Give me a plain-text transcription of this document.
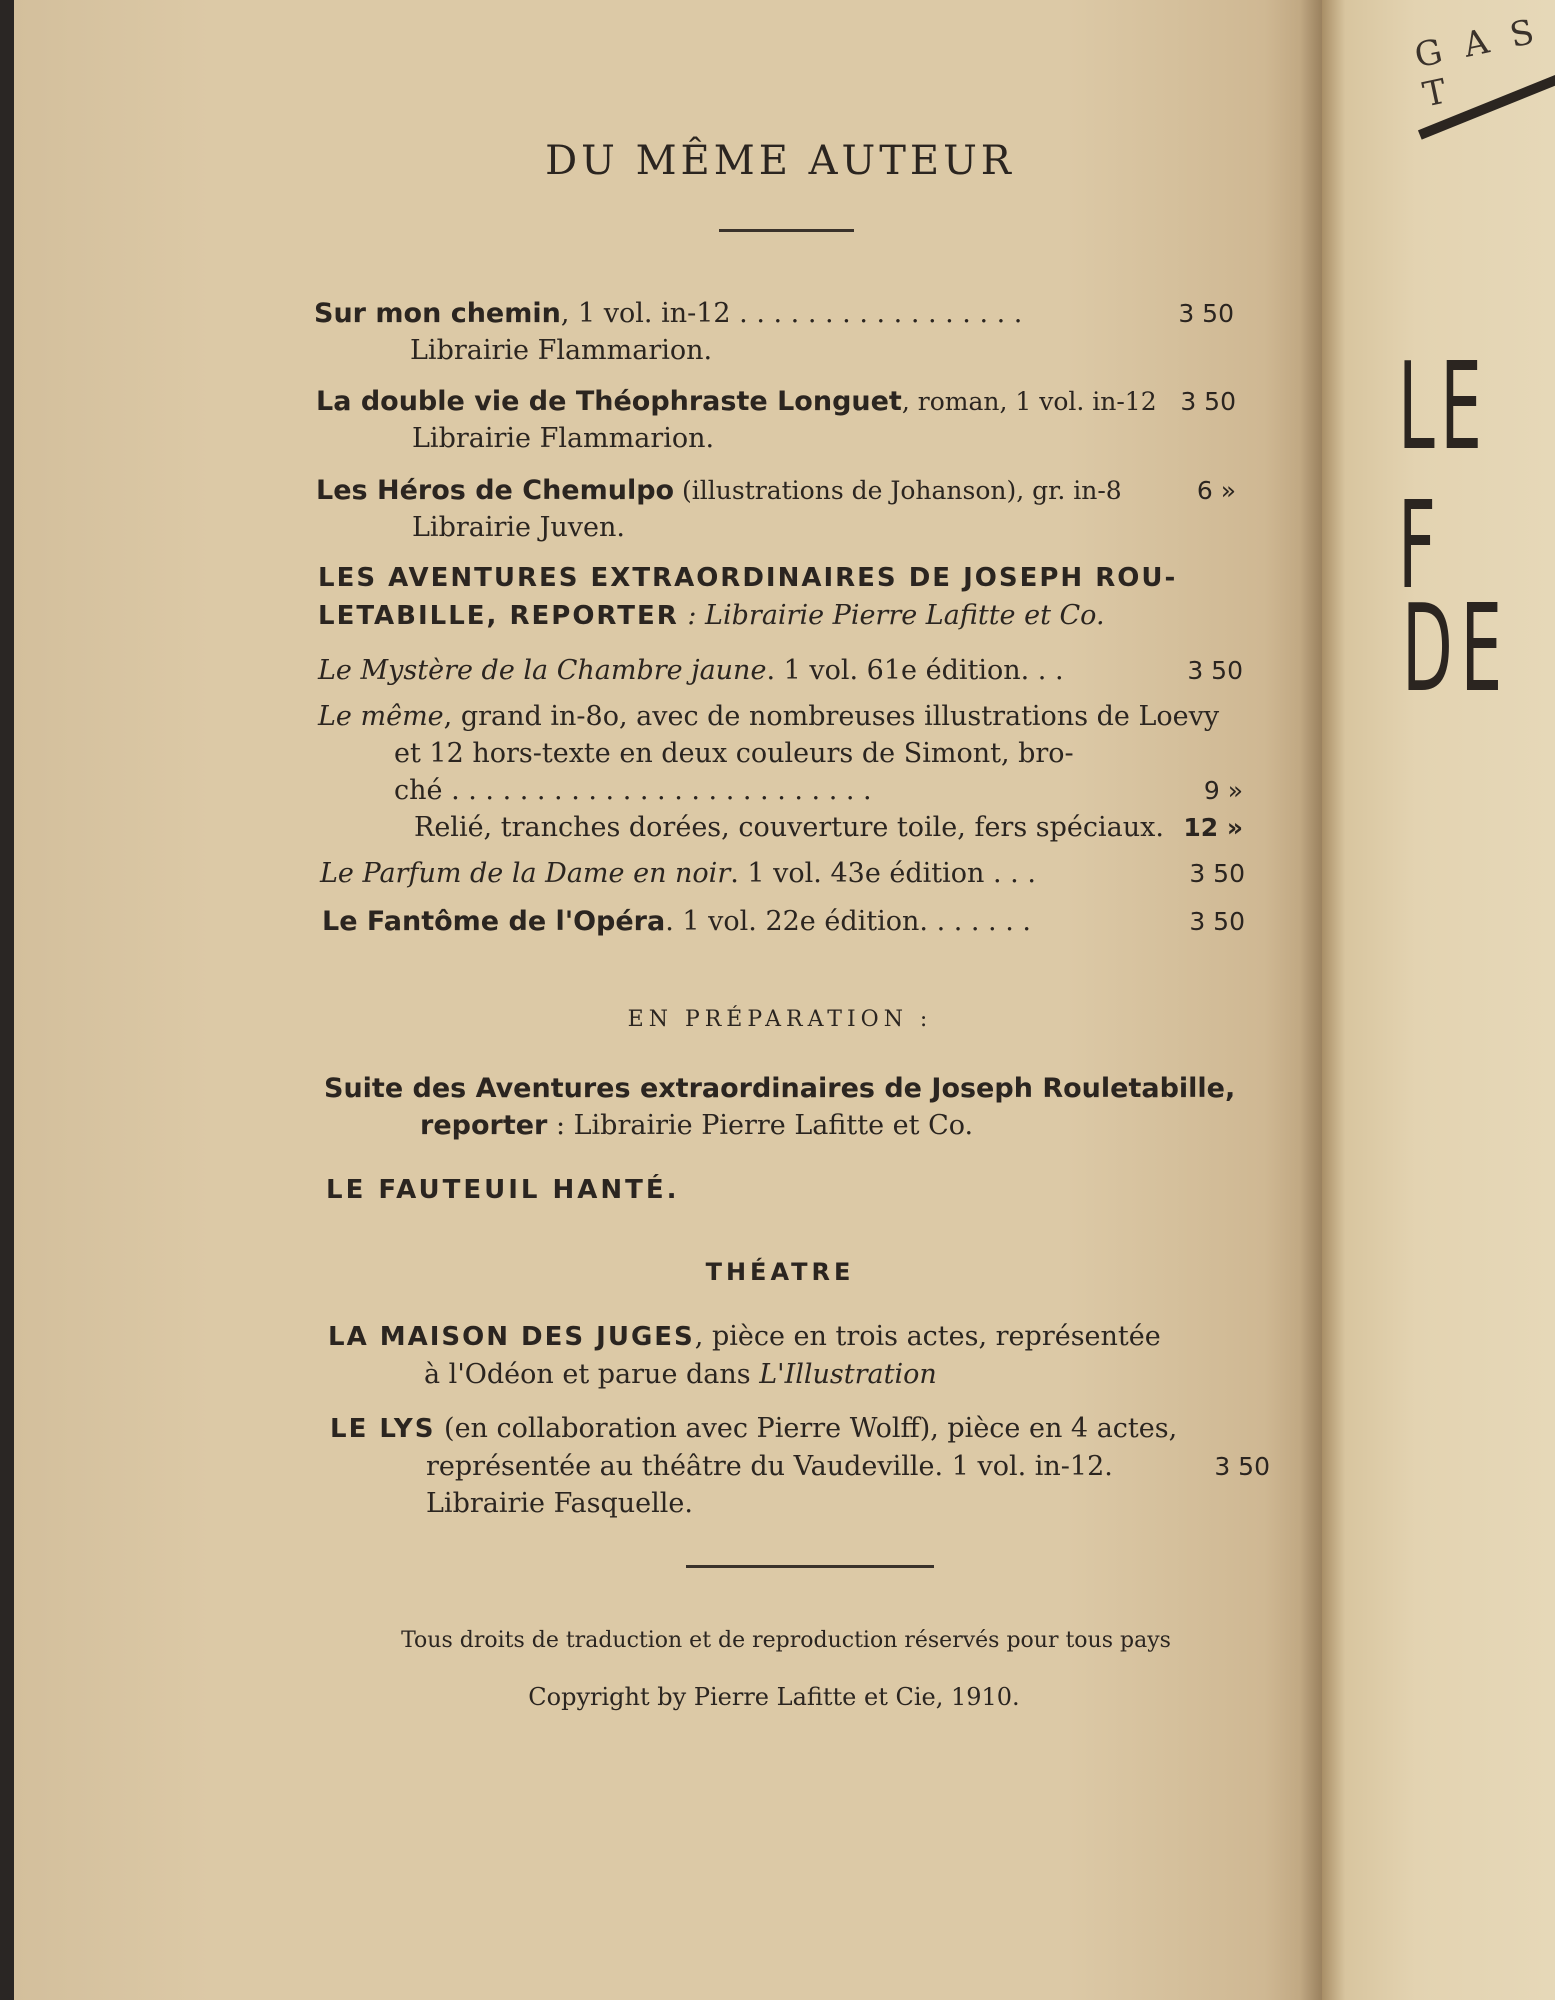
DU MÊME AUTEUR
Sur mon chemin, 1 vol. in-12 . . . . . . . . . . . . . . . . .	3 50
Librairie Flammarion.
La double vie de Théophraste Longuet, roman, 1 vol. in-12 3 50
Librairie Flammarion.
Les Héros de Chemulpo (illustrations de Johanson), gr. in-8	6 »
Librairie Juven.
LES AVENTURES EXTRAORDINAIRES DE JOSEPH ROU-
LETABILLE, REPORTER : Librairie Pierre Lafitte et Co.
Le Mystère de la Chambre jaune. 1 vol. 61e édition. . .	3 50
Le même, grand in-8o, avec de nombreuses illustrations de Loevy
et 12 hors-texte en deux couleurs de Simont, bro-
ché . . . . . . . . . . . . . . . . . . . . . . . . .	9 »
Relié, tranches dorées, couverture toile, fers spéciaux. 12 »
Le Parfum de la Dame en noir. 1 vol. 43e édition . . .	3 50
Le Fantôme de l'Opéra. 1 vol. 22e édition. . . . . . .	3 50
EN PRÉPARATION :
Suite des Aventures extraordinaires de Joseph Rouletabille,
reporter : Librairie Pierre Lafitte et Co.
LE FAUTEUIL HANTÉ.
THÉATRE
LA MAISON DES JUGES, pièce en trois actes, représentée
à l'Odéon et parue dans L'Illustration
LE LYS (en collaboration avec Pierre Wolff), pièce en 4 actes,
représentée au théâtre du Vaudeville. 1 vol. in-12.	3 50
Librairie Fasquelle.
Tous droits de traduction et de reproduction réservés pour tous pays
Copyright by Pierre Lafitte et Cie, 1910.
G A S T
LE F
DE
